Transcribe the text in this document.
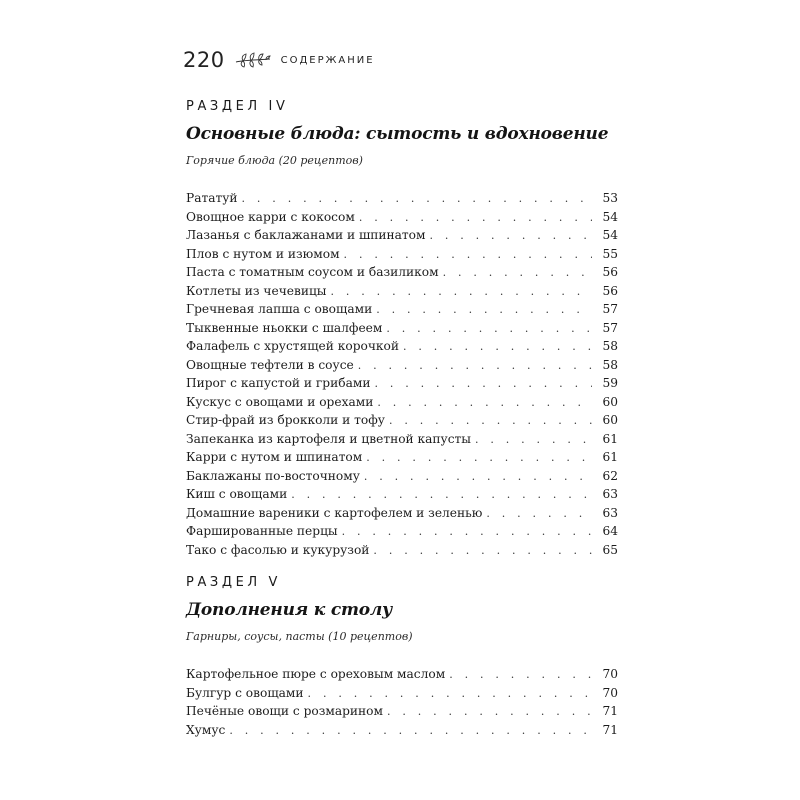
220	СОДЕРЖАНИЕ
РАЗДЕЛ IV
Основные блюда: сытость и вдохновение
Горячие блюда (20 рецептов)
Рататуй . . .	53
Овощное карри с кокосом . . .	54
Лазанья с баклажанами и шпинатом . . .	54
Плов с нутом и изюмом . . .	55
Паста с томатным соусом и базиликом . . .	56
Котлеты из чечевицы . . .	56
Гречневая лапша с овощами . . .	57
Тыквенные ньокки с шалфеем . . .	57
Фалафель с хрустящей корочкой . . .	58
Овощные тефтели в соусе . . .	58
Пирог с капустой и грибами . . .	59
Кускус с овощами и орехами . . .	60
Стир-фрай из брокколи и тофу . . .	60
Запеканка из картофеля и цветной капусты . . .	61
Карри с нутом и шпинатом . . .	61
Баклажаны по-восточному . . .	62
Киш с овощами . . .	63
Домашние вареники с картофелем и зеленью . . .	63
Фаршированные перцы . . .	64
Тако с фасолью и кукурузой . . .	65
РАЗДЕЛ V
Дополнения к столу
Гарниры, соусы, пасты (10 рецептов)
Картофельное пюре с ореховым маслом . . .	70
Булгур с овощами . . .	70
Печёные овощи с розмарином . . .	71
Хумус . . .	71
